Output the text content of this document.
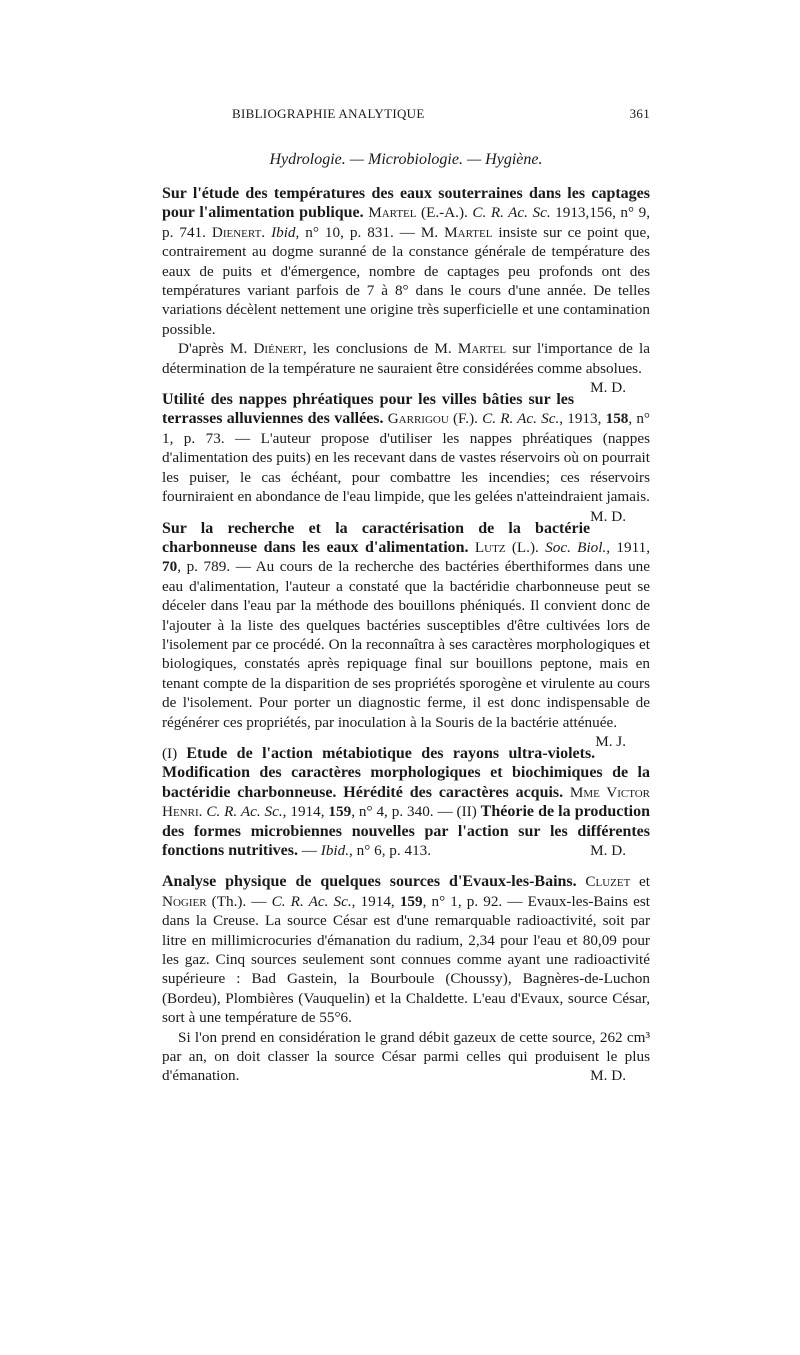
BIBLIOGRAPHIE ANALYTIQUE	361
Hydrologie. — Microbiologie. — Hygiène.

Sur l'étude des températures des eaux souterraines dans les captages pour l'alimentation publique. Martel (E.-A.). C. R. Ac. Sc. 1913,156, n° 9, p. 741. Dienert. Ibid, n° 10, p. 831. — M. Martel insiste sur ce point que, contrairement au dogme suranné de la constance générale de température des eaux de puits et d'émergence, nombre de captages peu profonds ont des températures variant parfois de 7 à 8° dans le cours d'une année. De telles variations décèlent nettement une origine très superficielle et une contamination possible.

D'après M. Diénert, les conclusions de M. Martel sur l'importance de la détermination de la température ne sauraient être considérées comme absolues.
M. D.

Utilité des nappes phréatiques pour les villes bâties sur les terrasses alluviennes des vallées. Garrigou (F.). C. R. Ac. Sc., 1913, 158, n° 1, p. 73. — L'auteur propose d'utiliser les nappes phréatiques (nappes d'alimentation des puits) en les recevant dans de vastes réservoirs où on pourrait les puiser, le cas échéant, pour combattre les incendies; ces réservoirs fourniraient en abondance de l'eau limpide, que les gelées n'atteindraient jamais.
M. D.

Sur la recherche et la caractérisation de la bactérie charbonneuse dans les eaux d'alimentation. Lutz (L.). Soc. Biol., 1911, 70, p. 789. — Au cours de la recherche des bactéries éberthiformes dans une eau d'alimentation, l'auteur a constaté que la bactéridie charbonneuse peut se déceler dans l'eau par la méthode des bouillons phéniqués. Il convient donc de l'ajouter à la liste des quelques bactéries susceptibles d'être cultivées lors de l'isolement par ce procédé. On la reconnaîtra à ses caractères morphologiques et biologiques, constatés après repiquage final sur bouillons peptone, mais en tenant compte de la disparition de ses propriétés sporogène et virulente au cours de l'isolement. Pour porter un diagnostic ferme, il est donc indispensable de régénérer ces propriétés, par inoculation à la Souris de la bactérie atténuée.
M. J.

(I) Etude de l'action métabiotique des rayons ultra-violets. Modification des caractères morphologiques et biochimiques de la bactéridie charbonneuse. Hérédité des caractères acquis. Mme Victor Henri. C. R. Ac. Sc., 1914, 159, n° 4, p. 340. — (II) Théorie de la production des formes microbiennes nouvelles par l'action sur les différentes fonctions nutritives. — Ibid., n° 6, p. 413.	M. D.

Analyse physique de quelques sources d'Evaux-les-Bains. Cluzet et Nogier (Th.). — C. R. Ac. Sc., 1914, 159, n° 1, p. 92. — Evaux-les-Bains est dans la Creuse. La source César est d'une remarquable radioactivité, soit par litre en millimicrocuries d'émanation du radium, 2,34 pour l'eau et 80,09 pour les gaz. Cinq sources seulement sont connues comme ayant une radioactivité supérieure : Bad Gastein, la Bourboule (Choussy), Bagnères-de-Luchon (Bordeu), Plombières (Vauquelin) et la Chaldette. L'eau d'Evaux, source César, sort à une température de 55°6.

Si l'on prend en considération le grand débit gazeux de cette source, 262 cm³ par an, on doit classer la source César parmi celles qui produisent le plus d'émanation.	M. D.
